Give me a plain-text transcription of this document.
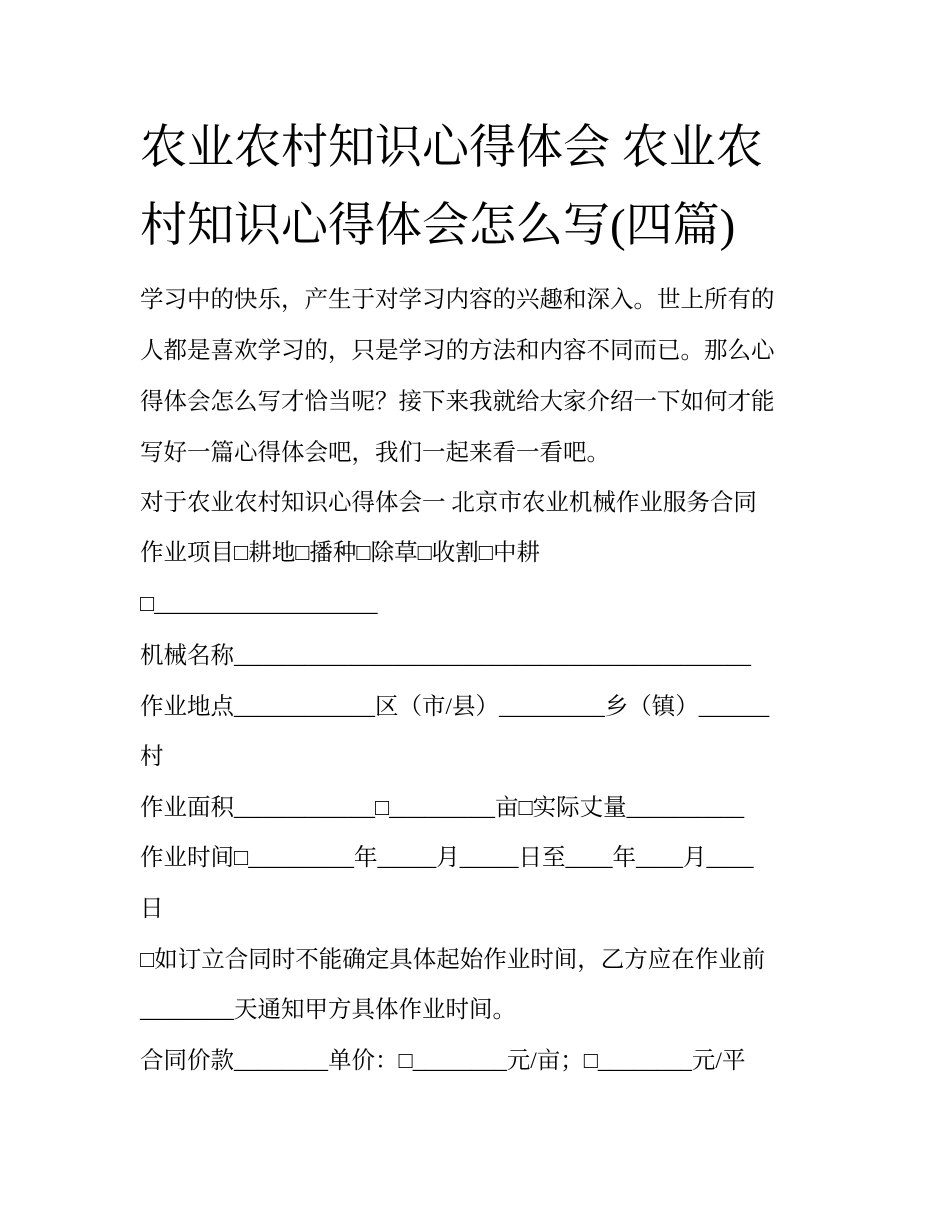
农业农村知识心得体会 农业农
村知识心得体会怎么写(四篇)
学习中的快乐，产生于对学习内容的兴趣和深入。世上所有的
人都是喜欢学习的，只是学习的方法和内容不同而已。那么心
得体会怎么写才恰当呢？接下来我就给大家介绍一下如何才能
写好一篇心得体会吧，我们一起来看一看吧。
对于农业农村知识心得体会一 北京市农业机械作业服务合同
作业项目□耕地□播种□除草□收割□中耕
□___________________
机械名称____________________________________________
作业地点____________区（市/县）_________乡（镇）______
村
作业面积____________□_________亩□实际丈量__________
作业时间□_________年_____月_____日至____年____月____
日
□如订立合同时不能确定具体起始作业时间，乙方应在作业前
________天通知甲方具体作业时间。
合同价款________单价：□________元/亩；□________元/平
